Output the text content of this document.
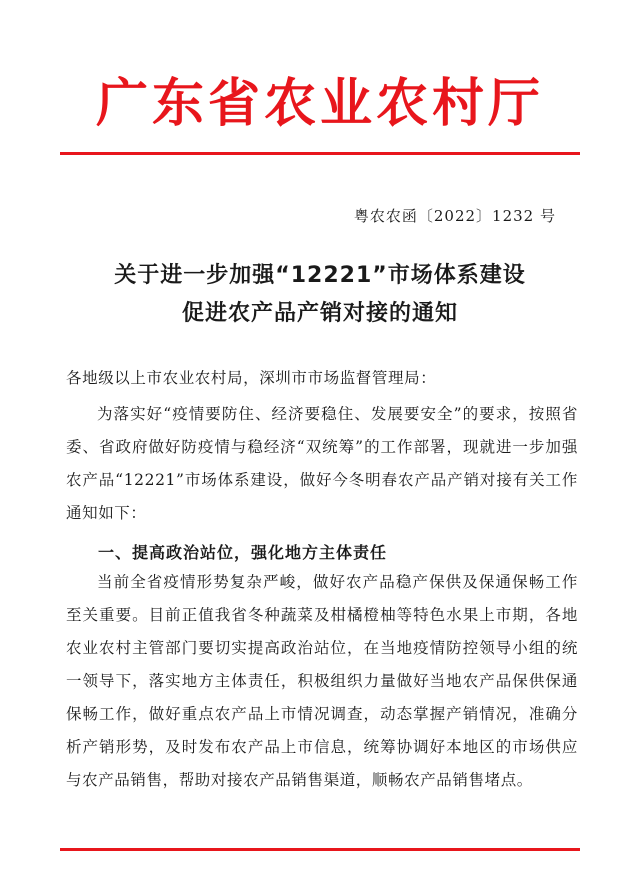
广东省农业农村厅
粤农农函〔2022〕1232 号
关于进一步加强“12221”市场体系建设
促进农产品产销对接的通知
各地级以上市农业农村局，深圳市市场监督管理局：
为落实好“疫情要防住、经济要稳住、发展要安全”的要求，按照省委、省政府做好防疫情与稳经济“双统筹”的工作部署，现就进一步加强农产品“12221”市场体系建设，做好今冬明春农产品产销对接有关工作通知如下：
一、提高政治站位，强化地方主体责任
当前全省疫情形势复杂严峻，做好农产品稳产保供及保通保畅工作至关重要。目前正值我省冬种蔬菜及柑橘橙柚等特色水果上市期，各地农业农村主管部门要切实提高政治站位，在当地疫情防控领导小组的统一领导下，落实地方主体责任，积极组织力量做好当地农产品保供保通保畅工作，做好重点农产品上市情况调查，动态掌握产销情况，准确分析产销形势，及时发布农产品上市信息，统筹协调好本地区的市场供应与农产品销售，帮助对接农产品销售渠道，顺畅农产品销售堵点。
